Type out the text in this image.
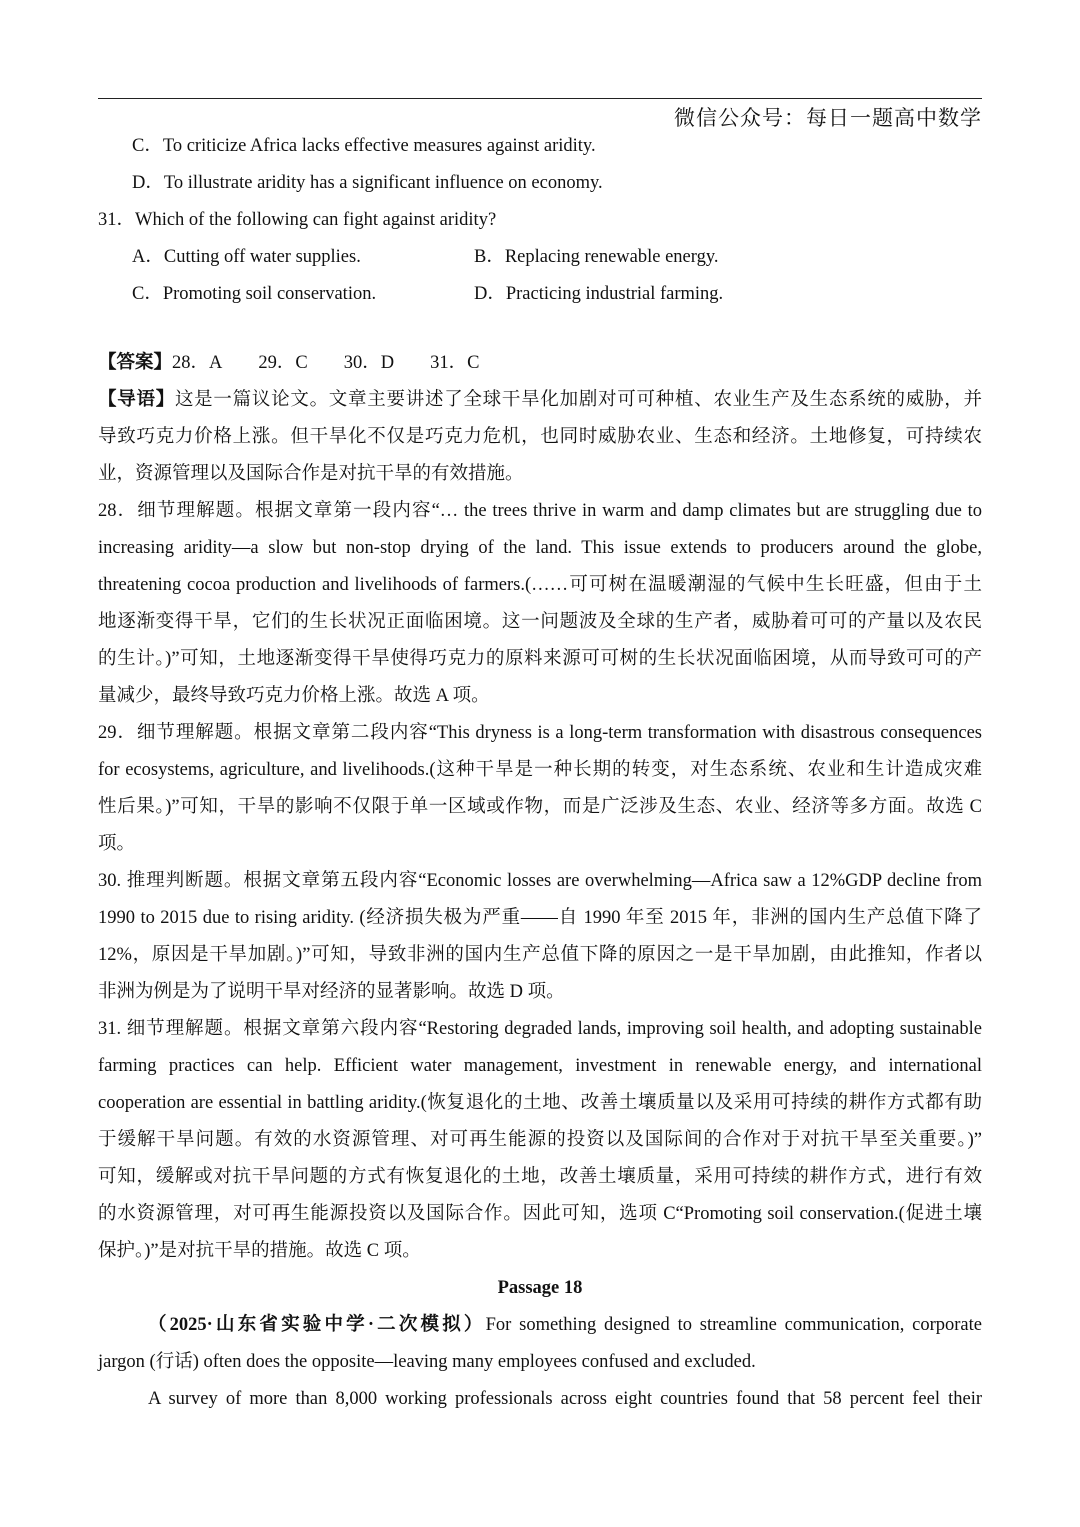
微信公众号：每日一题高中数学
C．To criticize Africa lacks effective measures against aridity.
D．To illustrate aridity has a significant influence on economy.
31．Which of the following can fight against aridity?
A．Cutting off water supplies.	B．Replacing renewable energy.
C．Promoting soil conservation.	D．Practicing industrial farming.
【答案】28．A 29．C 30．D 31．C
【导语】这是一篇议论文。文章主要讲述了全球干旱化加剧对可可种植、农业生产及生态系统的威胁，并
导致巧克力价格上涨。但干旱化不仅是巧克力危机，也同时威胁农业、生态和经济。土地修复，可持续农
业，资源管理以及国际合作是对抗干旱的有效措施。
28．细节理解题。根据文章第一段内容“… the trees thrive in warm and damp climates but are struggling due to
increasing aridity—a slow but non-stop drying of the land. This issue extends to producers around the globe,
threatening cocoa production and livelihoods of farmers.(……可可树在温暖潮湿的气候中生长旺盛，但由于土
地逐渐变得干旱，它们的生长状况正面临困境。这一问题波及全球的生产者，威胁着可可的产量以及农民
的生计。)”可知，土地逐渐变得干旱使得巧克力的原料来源可可树的生长状况面临困境，从而导致可可的产
量减少，最终导致巧克力价格上涨。故选 A 项。
29．细节理解题。根据文章第二段内容“This dryness is a long-term transformation with disastrous consequences
for ecosystems, agriculture, and livelihoods.(这种干旱是一种长期的转变，对生态系统、农业和生计造成灾难
性后果。)”可知，干旱的影响不仅限于单一区域或作物，而是广泛涉及生态、农业、经济等多方面。故选 C
项。
30. 推理判断题。根据文章第五段内容“Economic losses are overwhelming—Africa saw a 12%GDP decline from
1990 to 2015 due to rising aridity. (经济损失极为严重——自 1990 年至 2015 年，非洲的国内生产总值下降了
12%，原因是干旱加剧。)”可知，导致非洲的国内生产总值下降的原因之一是干旱加剧，由此推知，作者以
非洲为例是为了说明干旱对经济的显著影响。故选 D 项。
31. 细节理解题。根据文章第六段内容“Restoring degraded lands, improving soil health, and adopting sustainable
farming practices can help. Efficient water management, investment in renewable energy, and international
cooperation are essential in battling aridity.(恢复退化的土地、改善土壤质量以及采用可持续的耕作方式都有助
于缓解干旱问题。有效的水资源管理、对可再生能源的投资以及国际间的合作对于对抗干旱至关重要。)”
可知，缓解或对抗干旱问题的方式有恢复退化的土地，改善土壤质量，采用可持续的耕作方式，进行有效
的水资源管理，对可再生能源投资以及国际合作。因此可知，选项 C“Promoting soil conservation.(促进土壤
保护。)”是对抗干旱的措施。故选 C 项。
Passage 18
（2025·山东省实验中学·二次模拟）For something designed to streamline communication, corporate
jargon (行话) often does the opposite—leaving many employees confused and excluded.
A survey of more than 8,000 working professionals across eight countries found that 58 percent feel their
